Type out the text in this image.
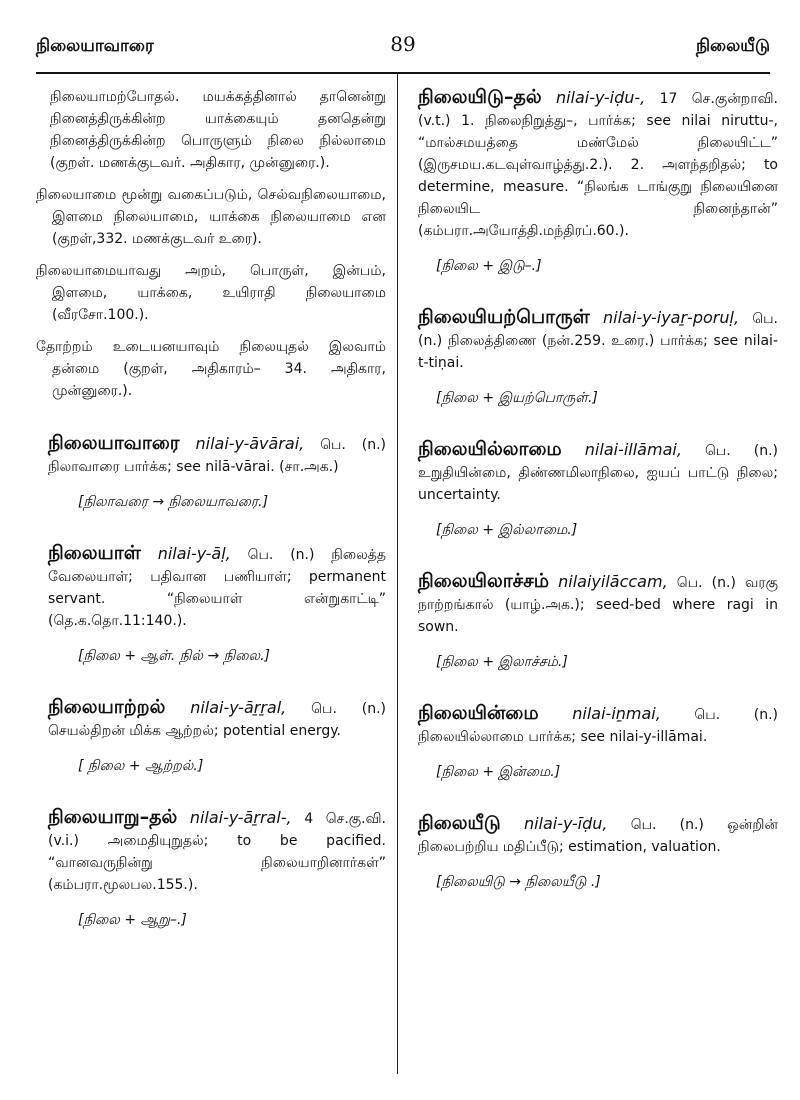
நிலையாவாரை	89	நிலையீடு

நிலையாமற்போதல். மயக்கத்தினால் தானென்று நினைத்திருக்கின்ற யாக்கையும் தனதென்று நினைத்திருக்கின்ற பொருளும் நிலை நில்லாமை (குறள். மணக்குடவர். அதிகார, முன்னுரை.).

நிலையாமை மூன்று வகைப்படும், செல்வநிலையாமை, இளமை நிலையாமை, யாக்கை நிலையாமை என (குறள்,332. மணக்குடவர் உரை).

நிலையாமையாவது அறம், பொருள், இன்பம், இளமை, யாக்கை, உயிராதி நிலையாமை (வீரசோ.100.).

தோற்றம் உடையனயாவும் நிலையுதல் இலவாம் தன்மை (குறள், அதிகாரம்– 34. அதிகார, முன்னுரை.).

நிலையாவாரை nilai-y-āvārai, பெ. (n.) நிலாவாரை பார்க்க; see nilā-vārai. (சா.அக.)
[நிலாவரை → நிலையாவரை.]
நிலையாள் nilai-y-āḷ, பெ. (n.) நிலைத்த வேலையாள்; பதிவான பணியாள்; permanent servant. “நிலையாள் என்றுகாட்டி” (தெ.க.தொ.11:140.).
[நிலை + ஆள். நில் → நிலை.]
நிலையாற்றல் nilai-y-āṟṟal, பெ. (n.) செயல்திறன் மிக்க ஆற்றல்; potential energy.
[ நிலை + ஆற்றல்.]
நிலையாறு–தல் nilai-y-āṟral-, 4 செ.கு.வி. (v.i.) அமைதியுறுதல்; to be pacified. “வானவருநின்று நிலையாறினார்கள்” (கம்பரா.மூலபல.155.).
[நிலை + ஆறு–.]
நிலையிடு–தல் nilai-y-iḍu-, 17 செ.குன்றாவி. (v.t.) 1. நிலைநிறுத்து–, பார்க்க; see nilai niruttu-, “மால்சமயத்தை மண்மேல் நிலையிட்ட” (இருசமய.கடவுள்வாழ்த்து.2.). 2. அளந்தறிதல்; to determine, measure. “நிலங்க டாங்குறு நிலையினை நிலையிட நினைந்தான்” (கம்பரா.அயோத்தி.மந்திரப்.60.).
[நிலை + இடு–.]
நிலையியற்பொருள் nilai-y-iyaṟ-poruḷ, பெ. (n.) நிலைத்திணை (நன்.259. உரை.) பார்க்க; see nilai-t-tiṇai.
[நிலை + இயற்பொருள்.]
நிலையில்லாமை nilai-illāmai, பெ. (n.) உறுதியின்மை, திண்ணமிலாநிலை, ஐயப் பாட்டு நிலை; uncertainty.
[நிலை + இல்லாமை.]
நிலையிலாச்சம் nilaiyilāccam, பெ. (n.) வரகு நாற்றங்கால் (யாழ்.அக.); seed-bed where ragi in sown.
[நிலை + இலாச்சம்.]
நிலையின்மை nilai-iṉmai, பெ. (n.) நிலையில்லாமை பார்க்க; see nilai-y-illāmai.
[நிலை + இன்மை.]
நிலையீடு nilai-y-īḍu, பெ. (n.) ஒன்றின் நிலைபற்றிய மதிப்பீடு; estimation, valuation.
[நிலையிடு → நிலையீடு .]
